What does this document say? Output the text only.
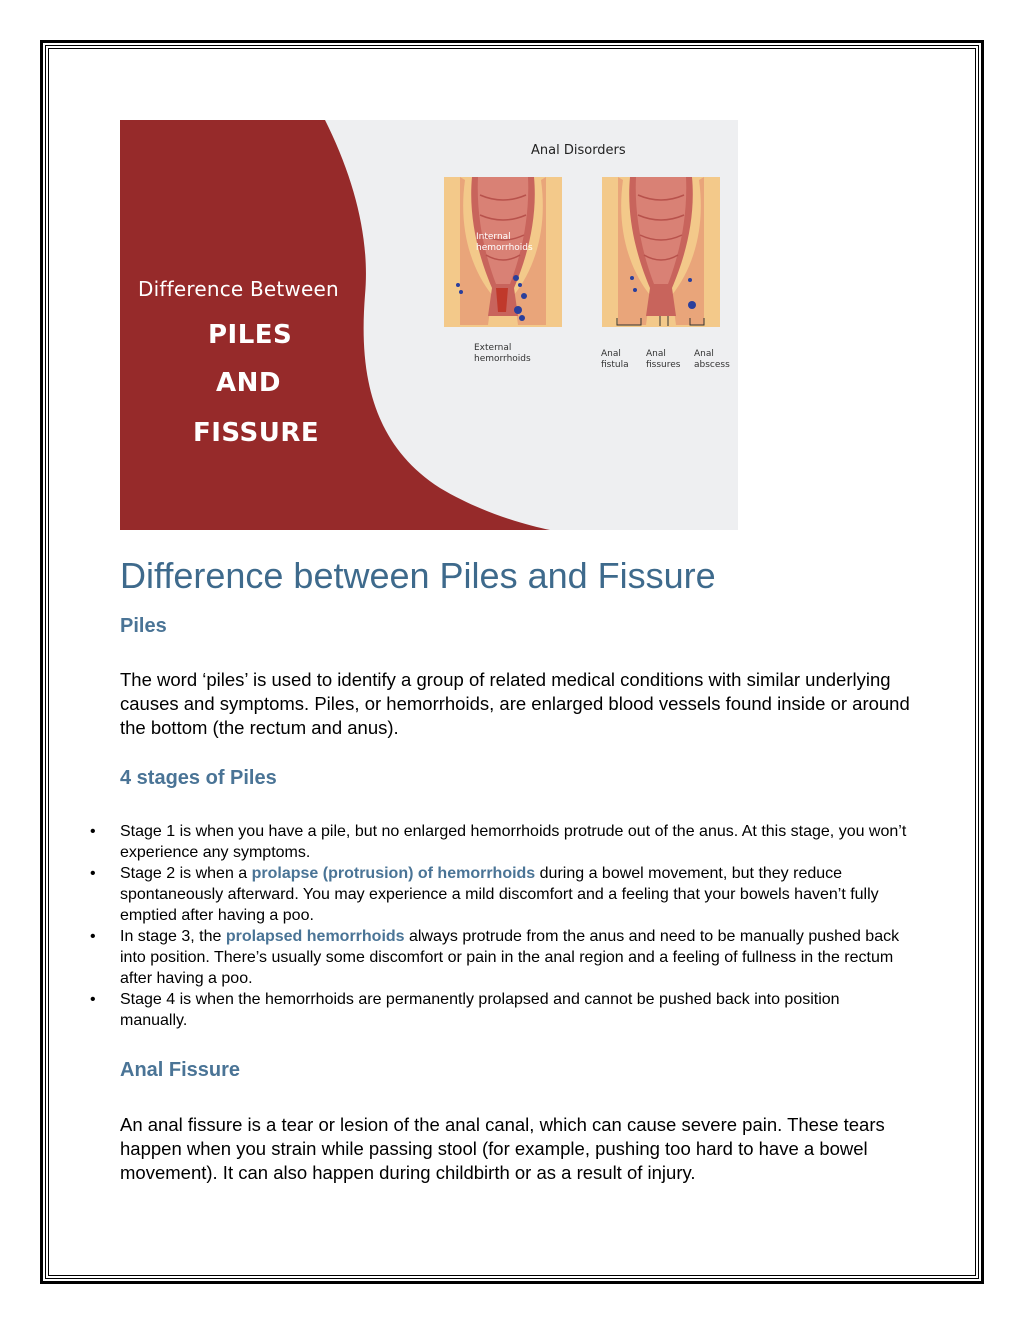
Difference Between
PILES
AND
FISSURE
Anal Disorders
Internal hemorrhoids
External hemorrhoids	Anal fistula
Anal fissures
Anal abscess
Difference between Piles and Fissure
Piles

The word ‘piles’ is used to identify a group of related medical conditions with similar underlying causes and symptoms. Piles, or hemorrhoids, are enlarged blood vessels found inside or around the bottom (the rectum and anus).

4 stages of Piles
• Stage 1 is when you have a pile, but no enlarged hemorrhoids protrude out of the anus. At this stage, you won’t experience any symptoms.
• Stage 2 is when a prolapse (protrusion) of hemorrhoids during a bowel movement, but they reduce spontaneously afterward. You may experience a mild discomfort and a feeling that your bowels haven’t fully emptied after having a poo.
• In stage 3, the prolapsed hemorrhoids always protrude from the anus and need to be manually pushed back into position. There’s usually some discomfort or pain in the anal region and a feeling of fullness in the rectum after having a poo.
• Stage 4 is when the hemorrhoids are permanently prolapsed and cannot be pushed back into position manually.
Anal Fissure

An anal fissure is a tear or lesion of the anal canal, which can cause severe pain. These tears happen when you strain while passing stool (for example, pushing too hard to have a bowel movement). It can also happen during childbirth or as a result of injury.
